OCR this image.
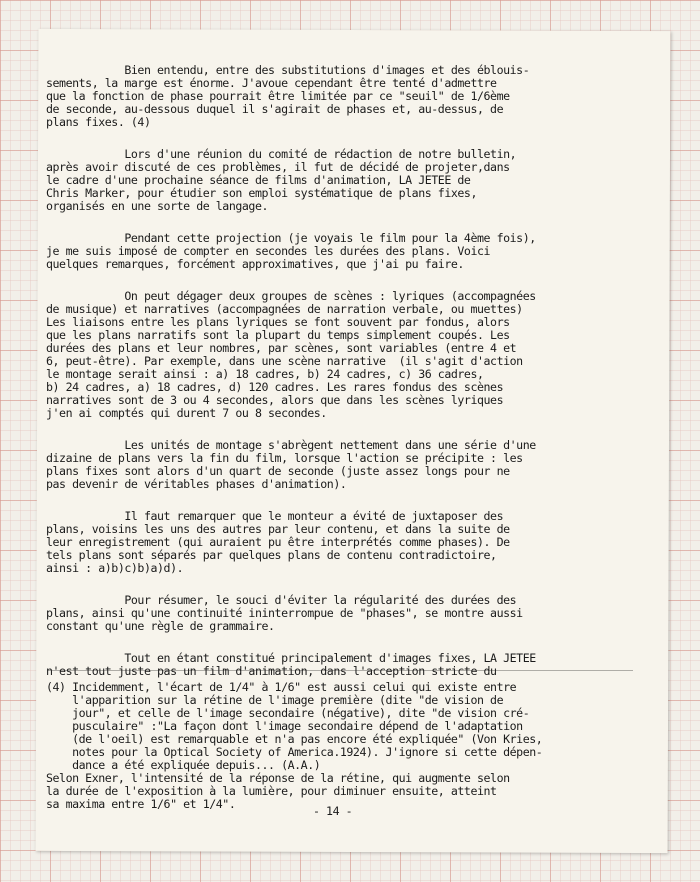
Bien entendu, entre des substitutions d'images et des éblouis-
sements, la marge est énorme. J'avoue cependant être tenté d'admettre
que la fonction de phase pourrait être limitée par ce "seuil" de 1/6ème
de seconde, au-dessous duquel il s'agirait de phases et, au-dessus, de
plans fixes. (4)
Lors d'une réunion du comité de rédaction de notre bulletin,
après avoir discuté de ces problèmes, il fut de décidé de projeter,dans
le cadre d'une prochaine séance de films d'animation, LA JETEE de
Chris Marker, pour étudier son emploi systématique de plans fixes,
organisés en une sorte de langage.
Pendant cette projection (je voyais le film pour la 4ème fois),
je me suis imposé de compter en secondes les durées des plans. Voici
quelques remarques, forcément approximatives, que j'ai pu faire.
On peut dégager deux groupes de scènes : lyriques (accompagnées
de musique) et narratives (accompagnées de narration verbale, ou muettes)
Les liaisons entre les plans lyriques se font souvent par fondus, alors
que les plans narratifs sont la plupart du temps simplement coupés. Les
durées des plans et leur nombres, par scènes, sont variables (entre 4 et
6, peut-être). Par exemple, dans une scène narrative  (il s'agit d'action
le montage serait ainsi : a) 18 cadres, b) 24 cadres, c) 36 cadres,
b) 24 cadres, a) 18 cadres, d) 120 cadres. Les rares fondus des scènes
narratives sont de 3 ou 4 secondes, alors que dans les scènes lyriques
j'en ai comptés qui durent 7 ou 8 secondes.
Les unités de montage s'abrègent nettement dans une série d'une
dizaine de plans vers la fin du film, lorsque l'action se précipite : les
plans fixes sont alors d'un quart de seconde (juste assez longs pour ne
pas devenir de véritables phases d'animation).
Il faut remarquer que le monteur a évité de juxtaposer des
plans, voisins les uns des autres par leur contenu, et dans la suite de
leur enregistrement (qui auraient pu être interprétés comme phases). De
tels plans sont séparés par quelques plans de contenu contradictoire,
ainsi : a)b)c)b)a)d).
Pour résumer, le souci d'éviter la régularité des durées des
plans, ainsi qu'une continuité ininterrompue de "phases", se montre aussi
constant qu'une règle de grammaire.
Tout en étant constitué principalement d'images fixes, LA JETEE
n'est tout juste pas un film d'animation, dans l'acception stricte du
(4) Incidemment, l'écart de 1/4" à 1/6" est aussi celui qui existe entre
l'apparition sur la rétine de l'image première (dite "de vision de
jour", et celle de l'image secondaire (négative), dite "de vision cré-
pusculaire" :"La façon dont l'image secondaire dépend de l'adaptation
(de l'oeil) est remarquable et n'a pas encore été expliquée" (Von Kries,
notes pour la Optical Society of America.1924). J'ignore si cette dépen-
dance a été expliquée depuis... (A.A.)
Selon Exner, l'intensité de la réponse de la rétine, qui augmente selon
la durée de l'exposition à la lumière, pour diminuer ensuite, atteint
sa maxima entre 1/6" et 1/4".	- 14 -
